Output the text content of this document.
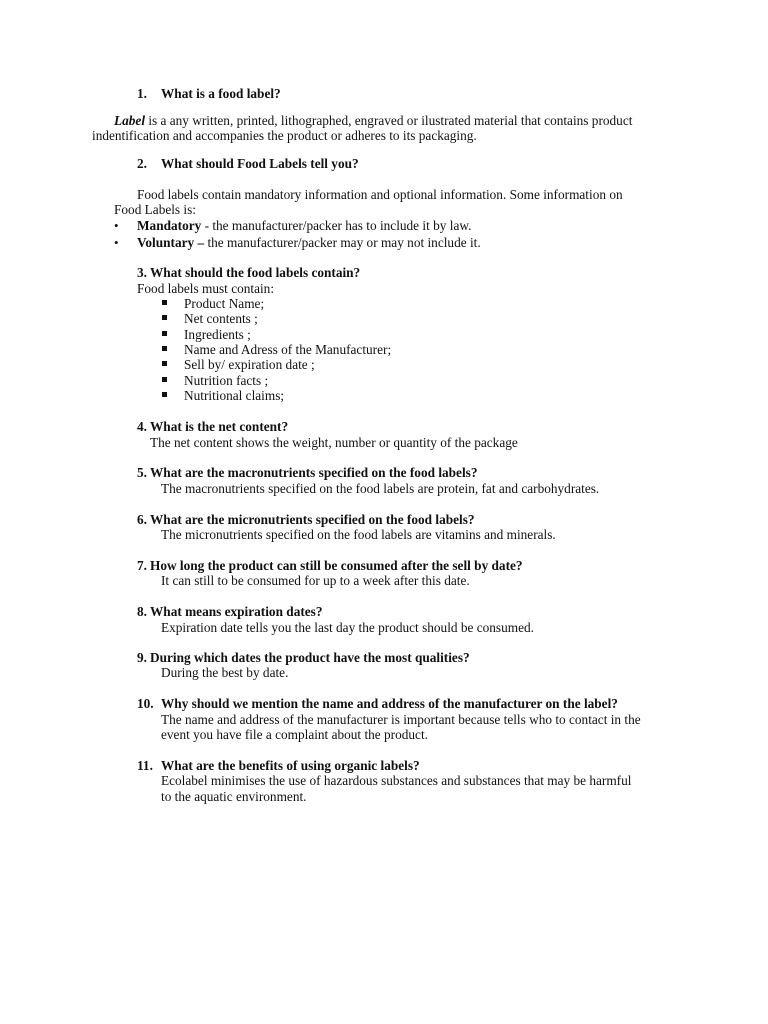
1. What is a food label?
Label is a any written, printed, lithographed, engraved or ilustrated material that contains product
indentification and accompanies the product or adheres to its packaging.
2. What should Food Labels tell you?
Food labels contain mandatory information and optional information. Some information on
Food Labels is:
• Mandatory - the manufacturer/packer has to include it by law.
• Voluntary – the manufacturer/packer may or may not include it.
3. What should the food labels contain?
Food labels must contain:
Product Name;
Net contents ;
Ingredients ;
Name and Adress of the Manufacturer;
Sell by/ expiration date ;
Nutrition facts ;
Nutritional claims;
4. What is the net content?
The net content shows the weight, number or quantity of the package
5. What are the macronutrients specified on the food labels?
The macronutrients specified on the food labels are protein, fat and carbohydrates.
6. What are the micronutrients specified on the food labels?
The micronutrients specified on the food labels are vitamins and minerals.
7. How long the product can still be consumed after the sell by date?
It can still to be consumed for up to a week after this date.
8. What means expiration dates?
Expiration date tells you the last day the product should be consumed.
9. During which dates the product have the most qualities?
During the best by date.
10. Why should we mention the name and address of the manufacturer on the label?
The name and address of the manufacturer is important because tells who to contact in the
event you have file a complaint about the product.
11. What are the benefits of using organic labels?
Ecolabel minimises the use of hazardous substances and substances that may be harmful
to the aquatic environment.
